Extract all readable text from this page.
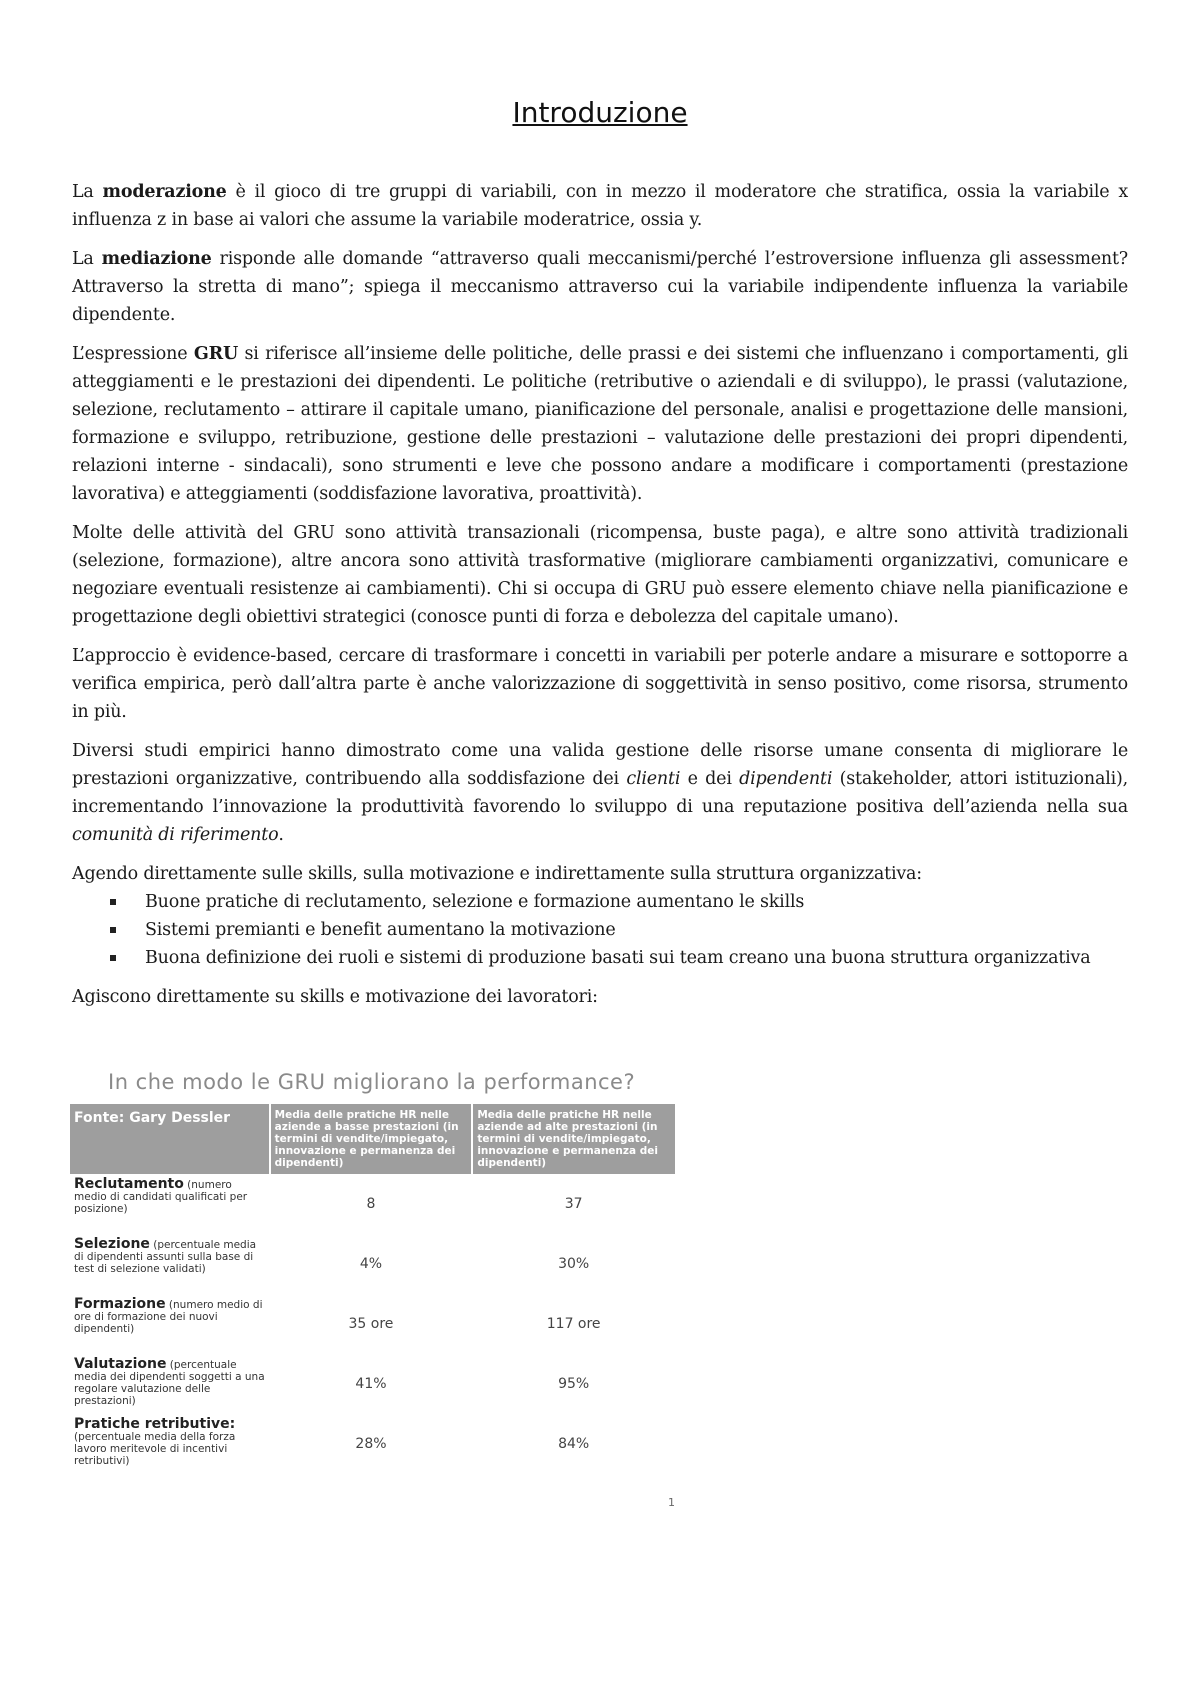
Introduzione

La moderazione è il gioco di tre gruppi di variabili, con in mezzo il moderatore che stratifica, ossia la variabile x influenza z in base ai valori che assume la variabile moderatrice, ossia y.

La mediazione risponde alle domande “attraverso quali meccanismi/perché l’estroversione influenza gli assessment? Attraverso la stretta di mano”; spiega il meccanismo attraverso cui la variabile indipendente influenza la variabile dipendente.

L’espressione GRU si riferisce all’insieme delle politiche, delle prassi e dei sistemi che influenzano i comportamenti, gli atteggiamenti e le prestazioni dei dipendenti. Le politiche (retributive o aziendali e di sviluppo), le prassi (valutazione, selezione, reclutamento – attirare il capitale umano, pianificazione del personale, analisi e progettazione delle mansioni, formazione e sviluppo, retribuzione, gestione delle prestazioni – valutazione delle prestazioni dei propri dipendenti, relazioni interne - sindacali), sono strumenti e leve che possono andare a modificare i comportamenti (prestazione lavorativa) e atteggiamenti (soddisfazione lavorativa, proattività).

Molte delle attività del GRU sono attività transazionali (ricompensa, buste paga), e altre sono attività tradizionali (selezione, formazione), altre ancora sono attività trasformative (migliorare cambiamenti organizzativi, comunicare e negoziare eventuali resistenze ai cambiamenti). Chi si occupa di GRU può essere elemento chiave nella pianificazione e progettazione degli obiettivi strategici (conosce punti di forza e debolezza del capitale umano).

L’approccio è evidence-based, cercare di trasformare i concetti in variabili per poterle andare a misurare e sottoporre a verifica empirica, però dall’altra parte è anche valorizzazione di soggettività in senso positivo, come risorsa, strumento in più.

Diversi studi empirici hanno dimostrato come una valida gestione delle risorse umane consenta di migliorare le prestazioni organizzative, contribuendo alla soddisfazione dei clienti e dei dipendenti (stakeholder, attori istituzionali), incrementando l’innovazione la produttività favorendo lo sviluppo di una reputazione positiva dell’azienda nella sua comunità di riferimento.

Agendo direttamente sulle skills, sulla motivazione e indirettamente sulla struttura organizzativa:

Buone pratiche di reclutamento, selezione e formazione aumentano le skills
Sistemi premianti e benefit aumentano la motivazione
Buona definizione dei ruoli e sistemi di produzione basati sui team creano una buona struttura organizzativa

Agiscono direttamente su skills e motivazione dei lavoratori:

In che modo le GRU migliorano la performance?
Fonte: Gary Dessler	Media delle pratiche HR nelle aziende a basse prestazioni (in termini di vendite/impiegato, innovazione e permanenza dei dipendenti)	Media delle pratiche HR nelle aziende ad alte prestazioni (in termini di vendite/impiegato, innovazione e permanenza dei dipendenti)
Reclutamento (numero medio di candidati qualificati per posizione)	8	37
Selezione (percentuale media di dipendenti assunti sulla base di test di selezione validati)	4%	30%
Formazione (numero medio di ore di formazione dei nuovi dipendenti)	35 ore	117 ore
Valutazione (percentuale media dei dipendenti soggetti a una regolare valutazione delle prestazioni)	41%	95%
Pratiche retributive: (percentuale media della forza lavoro meritevole di incentivi retributivi)	28%	84%
1
